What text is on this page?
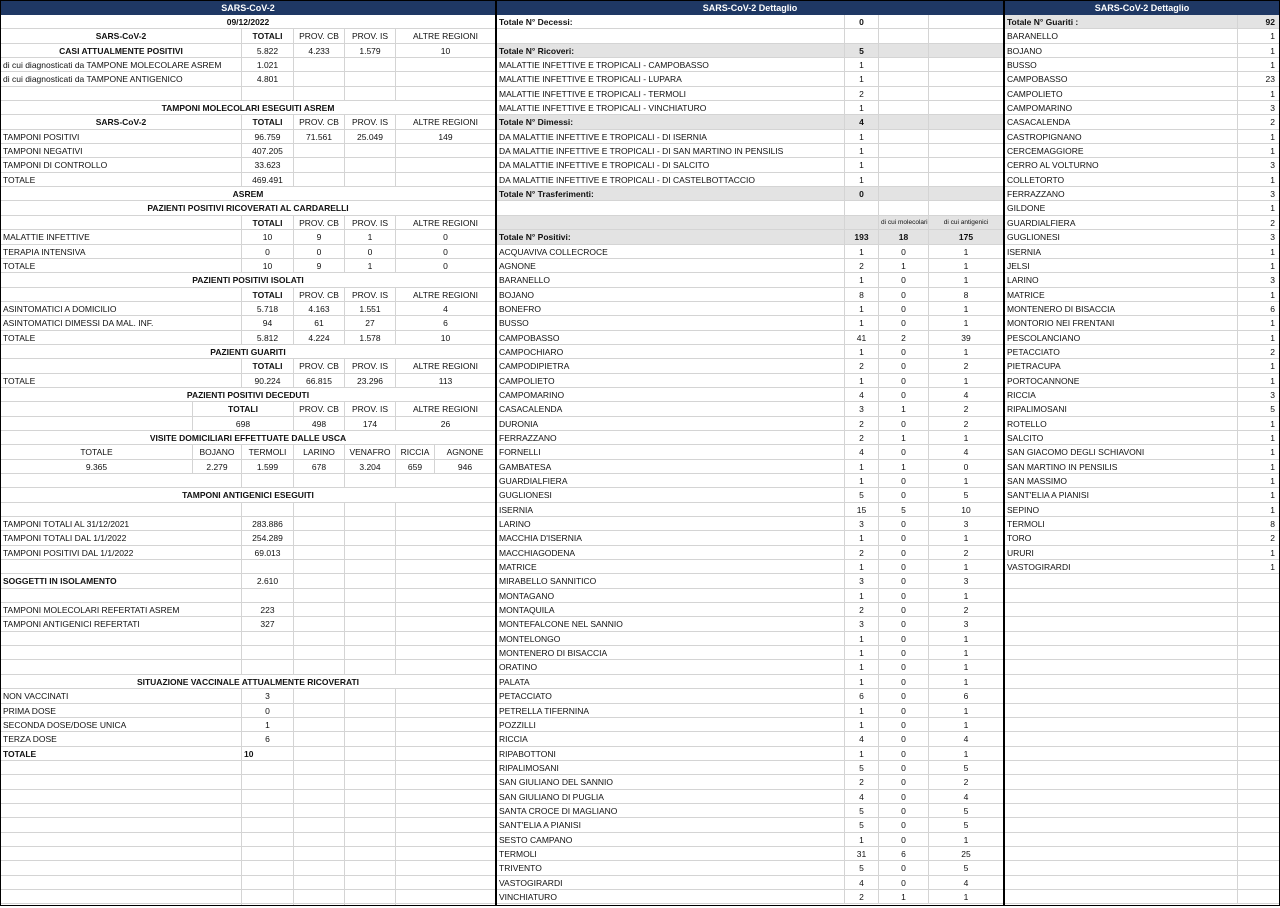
SARS-CoV-2
09/12/2022
SARS-CoV-2	TOTALI	PROV. CB	PROV. IS	ALTRE REGIONI
CASI ATTUALMENTE POSITIVI	5.822	4.233	1.579	10
di cui diagnosticati da TAMPONE MOLECOLARE ASREM	1.021
di cui diagnosticati da TAMPONE ANTIGENICO	4.801
TAMPONI MOLECOLARI ESEGUITI ASREM
SARS-CoV-2	TOTALI	PROV. CB	PROV. IS	ALTRE REGIONI
TAMPONI POSITIVI	96.759	71.561	25.049	149
TAMPONI NEGATIVI	407.205
TAMPONI DI CONTROLLO	33.623
TOTALE	469.491
ASREM
PAZIENTI POSITIVI RICOVERATI AL CARDARELLI
TOTALI	PROV. CB	PROV. IS	ALTRE REGIONI
MALATTIE INFETTIVE	10	9	1	0
TERAPIA INTENSIVA	0	0	0	0
TOTALE	10	9	1	0
PAZIENTI POSITIVI ISOLATI
TOTALI	PROV. CB	PROV. IS	ALTRE REGIONI
ASINTOMATICI A DOMICILIO	5.718	4.163	1.551	4
ASINTOMATICI DIMESSI DA MAL. INF.	94	61	27	6
TOTALE	5.812	4.224	1.578	10
PAZIENTI GUARITI
TOTALI	PROV. CB	PROV. IS	ALTRE REGIONI
TOTALE	90.224	66.815	23.296	113
PAZIENTI POSITIVI DECEDUTI
TOTALI	PROV. CB	PROV. IS	ALTRE REGIONI
698	498	174	26
VISITE DOMICILIARI EFFETTUATE DALLE USCA
TOTALE	BOJANO	TERMOLI	LARINO	VENAFRO	RICCIA	AGNONE
9.365	2.279	1.599	678	3.204	659	946
TAMPONI ANTIGENICI ESEGUITI
TAMPONI TOTALI AL 31/12/2021	283.886
TAMPONI TOTALI DAL 1/1/2022	254.289
TAMPONI POSITIVI DAL 1/1/2022	69.013
SOGGETTI IN ISOLAMENTO	2.610
TAMPONI MOLECOLARI REFERTATI ASREM	223
TAMPONI ANTIGENICI REFERTATI	327
SITUAZIONE VACCINALE ATTUALMENTE RICOVERATI
NON VACCINATI	3
PRIMA DOSE	0
SECONDA DOSE/DOSE UNICA	1
TERZA DOSE	6
TOTALE	10
SARS-CoV-2 Dettaglio
Totale N° Decessi:	0
Totale N° Ricoveri:	5
MALATTIE INFETTIVE E TROPICALI - CAMPOBASSO	1
MALATTIE INFETTIVE E TROPICALI - LUPARA	1
MALATTIE INFETTIVE E TROPICALI - TERMOLI	2
MALATTIE INFETTIVE E TROPICALI - VINCHIATURO	1
Totale N° Dimessi:	4
DA MALATTIE INFETTIVE E TROPICALI - DI ISERNIA	1
DA MALATTIE INFETTIVE E TROPICALI - DI SAN MARTINO IN PENSILIS	1
DA MALATTIE INFETTIVE E TROPICALI - DI SALCITO	1
DA MALATTIE INFETTIVE E TROPICALI - DI CASTELBOTTACCIO	1
Totale N° Trasferimenti:	0
di cui molecolari	di cui antigenici
Totale N° Positivi:	193	18	175
ACQUAVIVA COLLECROCE	1	0	1
AGNONE	2	1	1
BARANELLO	1	0	1
BOJANO	8	0	8
BONEFRO	1	0	1
BUSSO	1	0	1
CAMPOBASSO	41	2	39
CAMPOCHIARO	1	0	1
CAMPODIPIETRA	2	0	2
CAMPOLIETO	1	0	1
CAMPOMARINO	4	0	4
CASACALENDA	3	1	2
DURONIA	2	0	2
FERRAZZANO	2	1	1
FORNELLI	4	0	4
GAMBATESA	1	1	0
GUARDIALFIERA	1	0	1
GUGLIONESI	5	0	5
ISERNIA	15	5	10
LARINO	3	0	3
MACCHIA D'ISERNIA	1	0	1
MACCHIAGODENA	2	0	2
MATRICE	1	0	1
MIRABELLO SANNITICO	3	0	3
MONTAGANO	1	0	1
MONTAQUILA	2	0	2
MONTEFALCONE NEL SANNIO	3	0	3
MONTELONGO	1	0	1
MONTENERO DI BISACCIA	1	0	1
ORATINO	1	0	1
PALATA	1	0	1
PETACCIATO	6	0	6
PETRELLA TIFERNINA	1	0	1
POZZILLI	1	0	1
RICCIA	4	0	4
RIPABOTTONI	1	0	1
RIPALIMOSANI	5	0	5
SAN GIULIANO DEL SANNIO	2	0	2
SAN GIULIANO DI PUGLIA	4	0	4
SANTA CROCE DI MAGLIANO	5	0	5
SANT'ELIA A PIANISI	5	0	5
SESTO CAMPANO	1	0	1
TERMOLI	31	6	25
TRIVENTO	5	0	5
VASTOGIRARDI	4	0	4
VINCHIATURO	2	1	1
SARS-CoV-2 Dettaglio
Totale N° Guariti :	92
BARANELLO	1
BOJANO	1
BUSSO	1
CAMPOBASSO	23
CAMPOLIETO	1
CAMPOMARINO	3
CASACALENDA	2
CASTROPIGNANO	1
CERCEMAGGIORE	1
CERRO AL VOLTURNO	3
COLLETORTO	1
FERRAZZANO	3
GILDONE	1
GUARDIALFIERA	2
GUGLIONESI	3
ISERNIA	1
JELSI	1
LARINO	3
MATRICE	1
MONTENERO DI BISACCIA	6
MONTORIO NEI FRENTANI	1
PESCOLANCIANO	1
PETACCIATO	2
PIETRACUPA	1
PORTOCANNONE	1
RICCIA	3
RIPALIMOSANI	5
ROTELLO	1
SALCITO	1
SAN GIACOMO DEGLI SCHIAVONI	1
SAN MARTINO IN PENSILIS	1
SAN MASSIMO	1
SANT'ELIA A PIANISI	1
SEPINO	1
TERMOLI	8
TORO	2
URURI	1
VASTOGIRARDI	1
